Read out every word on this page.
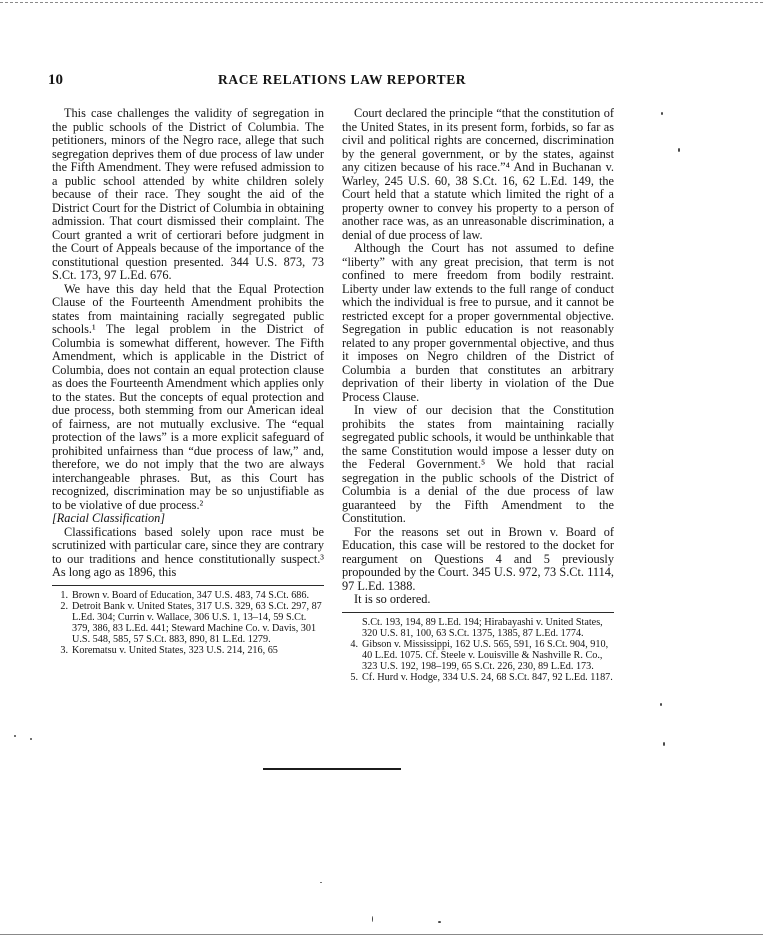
10	RACE RELATIONS LAW REPORTER

This case challenges the validity of segregation in the public schools of the District of Columbia. The petitioners, minors of the Negro race, allege that such segregation deprives them of due process of law under the Fifth Amendment. They were refused admission to a public school attended by white children solely because of their race. They sought the aid of the District Court for the District of Columbia in obtaining admission. That court dismissed their complaint. The Court granted a writ of certiorari before judgment in the Court of Appeals because of the importance of the constitutional question presented. 344 U.S. 873, 73 S.Ct. 173, 97 L.Ed. 676.

We have this day held that the Equal Protection Clause of the Fourteenth Amendment prohibits the states from maintaining racially segregated public schools.¹ The legal problem in the District of Columbia is somewhat different, however. The Fifth Amendment, which is applicable in the District of Columbia, does not contain an equal protection clause as does the Fourteenth Amendment which applies only to the states. But the concepts of equal protection and due process, both stemming from our American ideal of fairness, are not mutually exclusive. The “equal protection of the laws” is a more explicit safeguard of prohibited unfairness than “due process of law,” and, therefore, we do not imply that the two are always interchangeable phrases. But, as this Court has recognized, discrimination may be so unjustifiable as to be violative of due process.²

[Racial Classification]

Classifications based solely upon race must be scrutinized with particular care, since they are contrary to our traditions and hence constitutionally suspect.³ As long ago as 1896, this

1. Brown v. Board of Education, 347 U.S. 483, 74 S.Ct. 686.
2. Detroit Bank v. United States, 317 U.S. 329, 63 S.Ct. 297, 87 L.Ed. 304; Currin v. Wallace, 306 U.S. 1, 13–14, 59 S.Ct. 379, 386, 83 L.Ed. 441; Steward Machine Co. v. Davis, 301 U.S. 548, 585, 57 S.Ct. 883, 890, 81 L.Ed. 1279.
3. Korematsu v. United States, 323 U.S. 214, 216, 65

Court declared the principle “that the constitution of the United States, in its present form, forbids, so far as civil and political rights are concerned, discrimination by the general government, or by the states, against any citizen because of his race.”⁴ And in Buchanan v. Warley, 245 U.S. 60, 38 S.Ct. 16, 62 L.Ed. 149, the Court held that a statute which limited the right of a property owner to convey his property to a person of another race was, as an unreasonable discrimination, a denial of due process of law.

Although the Court has not assumed to define “liberty” with any great precision, that term is not confined to mere freedom from bodily restraint. Liberty under law extends to the full range of conduct which the individual is free to pursue, and it cannot be restricted except for a proper governmental objective. Segregation in public education is not reasonably related to any proper governmental objective, and thus it imposes on Negro children of the District of Columbia a burden that constitutes an arbitrary deprivation of their liberty in violation of the Due Process Clause.

In view of our decision that the Constitution prohibits the states from maintaining racially segregated public schools, it would be unthinkable that the same Constitution would impose a lesser duty on the Federal Government.⁵ We hold that racial segregation in the public schools of the District of Columbia is a denial of the due process of law guaranteed by the Fifth Amendment to the Constitution.

For the reasons set out in Brown v. Board of Education, this case will be restored to the docket for reargument on Questions 4 and 5 previously propounded by the Court. 345 U.S. 972, 73 S.Ct. 1114, 97 L.Ed. 1388.

It is so ordered.

S.Ct. 193, 194, 89 L.Ed. 194; Hirabayashi v. United States, 320 U.S. 81, 100, 63 S.Ct. 1375, 1385, 87 L.Ed. 1774.
4. Gibson v. Mississippi, 162 U.S. 565, 591, 16 S.Ct. 904, 910, 40 L.Ed. 1075. Cf. Steele v. Louisville & Nashville R. Co., 323 U.S. 192, 198–199, 65 S.Ct. 226, 230, 89 L.Ed. 173.
5. Cf. Hurd v. Hodge, 334 U.S. 24, 68 S.Ct. 847, 92 L.Ed. 1187.
